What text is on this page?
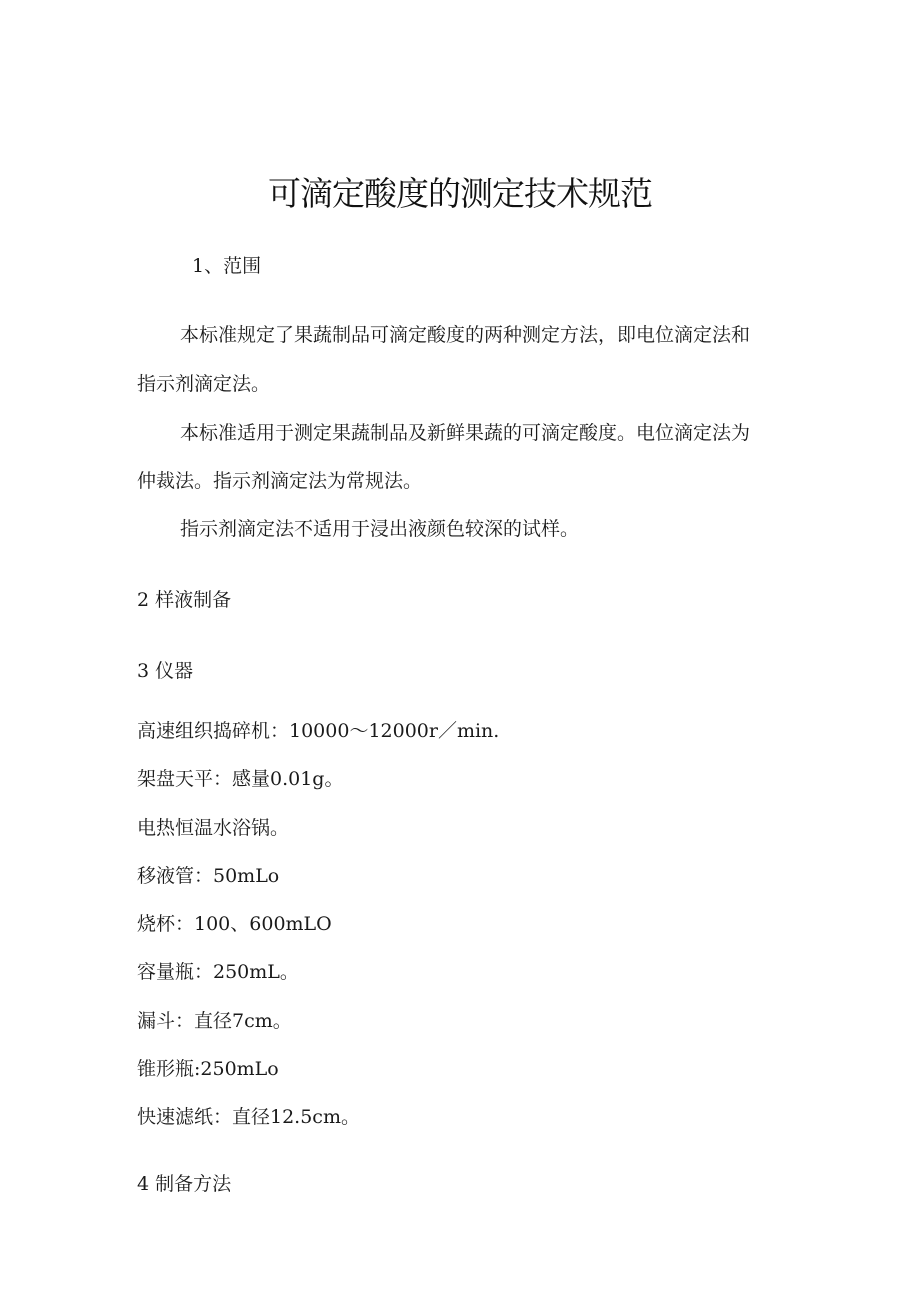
可滴定酸度的测定技术规范
1、范围
本标准规定了果蔬制品可滴定酸度的两种测定方法，即电位滴定法和
指示剂滴定法。
本标准适用于测定果蔬制品及新鲜果蔬的可滴定酸度。电位滴定法为
仲裁法。指示剂滴定法为常规法。
指示剂滴定法不适用于浸出液颜色较深的试样。
2 样液制备
3 仪器
高速组织捣碎机：10000～12000r／min.
架盘天平：感量0.01g。
电热恒温水浴锅。
移液管：50mLo
烧杯：100、600mLO
容量瓶：250mL。
漏斗：直径7cm。
锥形瓶:250mLo
快速滤纸：直径12.5cm。
4 制备方法
